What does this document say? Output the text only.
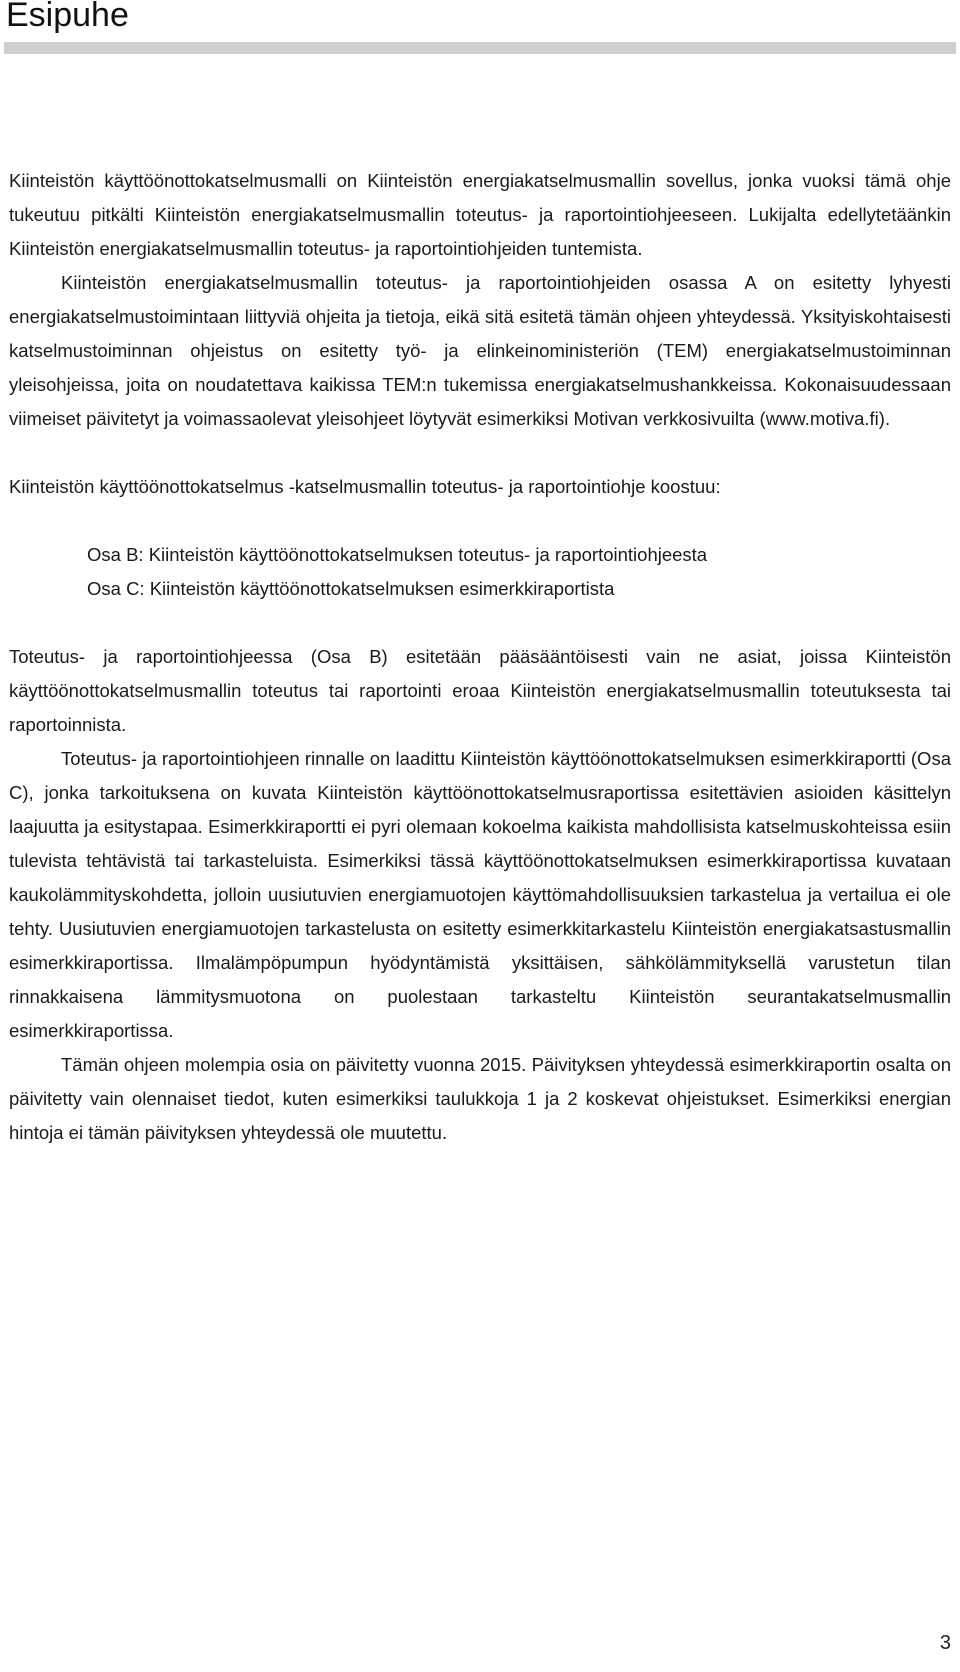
Esipuhe

Kiinteistön käyttöönottokatselmusmalli on Kiinteistön energiakatselmusmallin sovellus, jonka vuoksi tämä ohje tukeutuu pitkälti Kiinteistön energiakatselmusmallin toteutus- ja raportointiohjeeseen. Lukijalta edellytetäänkin Kiinteistön energiakatselmusmallin toteutus- ja raportointiohjeiden tuntemista.

Kiinteistön energiakatselmusmallin toteutus- ja raportointiohjeiden osassa A on esitetty lyhyesti energiakatselmustoimintaan liittyviä ohjeita ja tietoja, eikä sitä esitetä tämän ohjeen yhteydessä. Yksityiskohtaisesti katselmustoiminnan ohjeistus on esitetty työ- ja elinkeinoministeriön (TEM) energiakatselmustoiminnan yleisohjeissa, joita on noudatettava kaikissa TEM:n tukemissa energiakatselmushankkeissa. Kokonaisuudessaan viimeiset päivitetyt ja voimassaolevat yleisohjeet löytyvät esimerkiksi Motivan verkkosivuilta (www.motiva.fi).

Kiinteistön käyttöönottokatselmus -katselmusmallin toteutus- ja raportointiohje koostuu:

Osa B: Kiinteistön käyttöönottokatselmuksen toteutus- ja raportointiohjeesta

Osa C: Kiinteistön käyttöönottokatselmuksen esimerkkiraportista

Toteutus- ja raportointiohjeessa (Osa B) esitetään pääsääntöisesti vain ne asiat, joissa Kiinteistön käyttöönottokatselmusmallin toteutus tai raportointi eroaa Kiinteistön energiakatselmusmallin toteutuksesta tai raportoinnista.

Toteutus- ja raportointiohjeen rinnalle on laadittu Kiinteistön käyttöönottokatselmuksen esimerkkiraportti (Osa C), jonka tarkoituksena on kuvata Kiinteistön käyttöönottokatselmusraportissa esitettävien asioiden käsittelyn laajuutta ja esitystapaa. Esimerkkiraportti ei pyri olemaan kokoelma kaikista mahdollisista katselmuskohteissa esiin tulevista tehtävistä tai tarkasteluista. Esimerkiksi tässä käyttöönottokatselmuksen esimerkkiraportissa kuvataan kaukolämmityskohdetta, jolloin uusiutuvien energiamuotojen käyttömahdollisuuksien tarkastelua ja vertailua ei ole tehty. Uusiutuvien energiamuotojen tarkastelusta on esitetty esimerkkitarkastelu Kiinteistön energiakatsastusmallin esimerkkiraportissa. Ilmalämpöpumpun hyödyntämistä yksittäisen, sähkölämmityksellä varustetun tilan rinnakkaisena lämmitysmuotona on puolestaan tarkasteltu Kiinteistön seurantakatselmusmallin esimerkkiraportissa.

Tämän ohjeen molempia osia on päivitetty vuonna 2015. Päivityksen yhteydessä esimerkkiraportin osalta on päivitetty vain olennaiset tiedot, kuten esimerkiksi taulukkoja 1 ja 2 koskevat ohjeistukset. Esimerkiksi energian hintoja ei tämän päivityksen yhteydessä ole muutettu.

3
